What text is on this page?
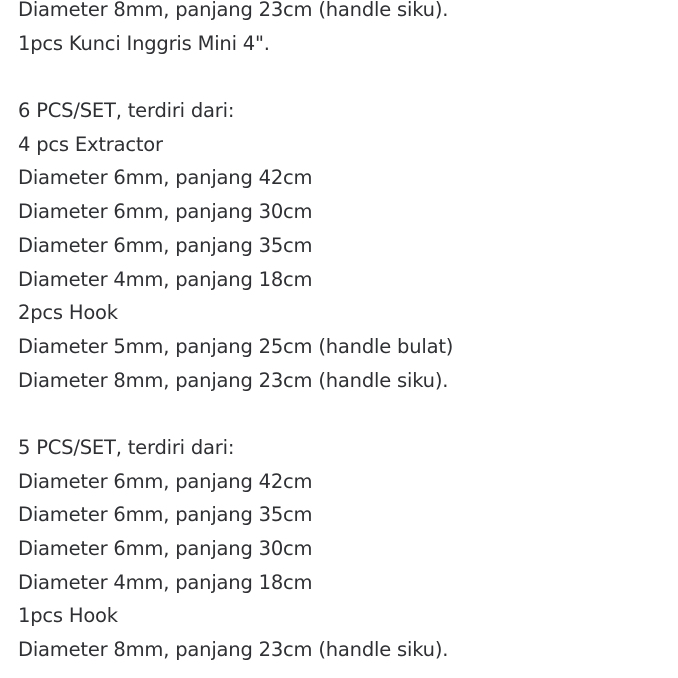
Diameter 8mm, panjang 23cm (handle siku).
1pcs Kunci Inggris Mini 4".
6 PCS/SET, terdiri dari:
4 pcs Extractor
Diameter 6mm, panjang 42cm
Diameter 6mm, panjang 30cm
Diameter 6mm, panjang 35cm
Diameter 4mm, panjang 18cm
2pcs Hook
Diameter 5mm, panjang 25cm (handle bulat)
Diameter 8mm, panjang 23cm (handle siku).
5 PCS/SET, terdiri dari:
Diameter 6mm, panjang 42cm
Diameter 6mm, panjang 35cm
Diameter 6mm, panjang 30cm
Diameter 4mm, panjang 18cm
1pcs Hook
Diameter 8mm, panjang 23cm (handle siku).
